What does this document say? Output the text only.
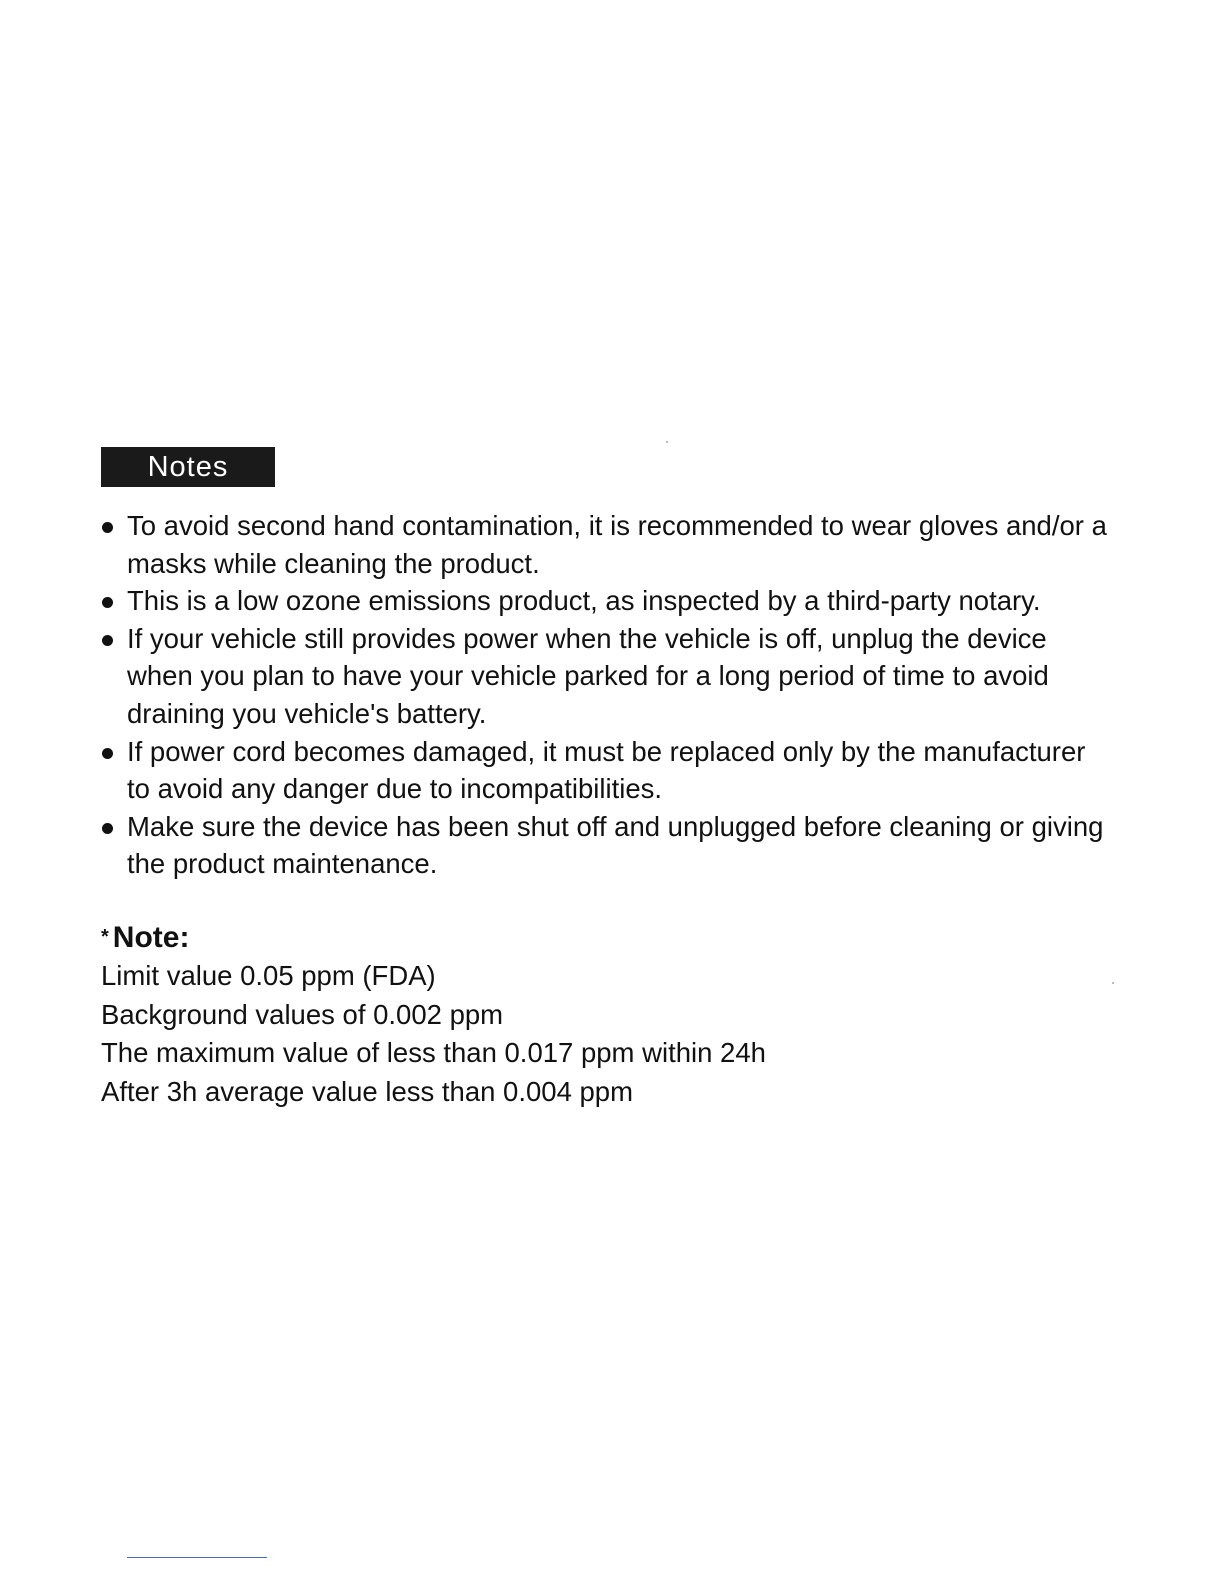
Notes
To avoid second hand contamination, it is recommended to wear gloves and/or a masks while cleaning the product.
This is a low ozone emissions product, as inspected by a third-party notary.
If your vehicle still provides power when the vehicle is off, unplug the device when you plan to have your vehicle parked for a long period of time to avoid draining you vehicle's battery.
If power cord becomes damaged, it must be replaced only by the manufacturer to avoid any danger due to incompatibilities.
Make sure the device has been shut off and unplugged before cleaning or giving the product maintenance.

* Note:

Limit value 0.05 ppm (FDA)
Background values of 0.002 ppm
The maximum value of less than 0.017 ppm within 24h
After 3h average value less than 0.004 ppm
